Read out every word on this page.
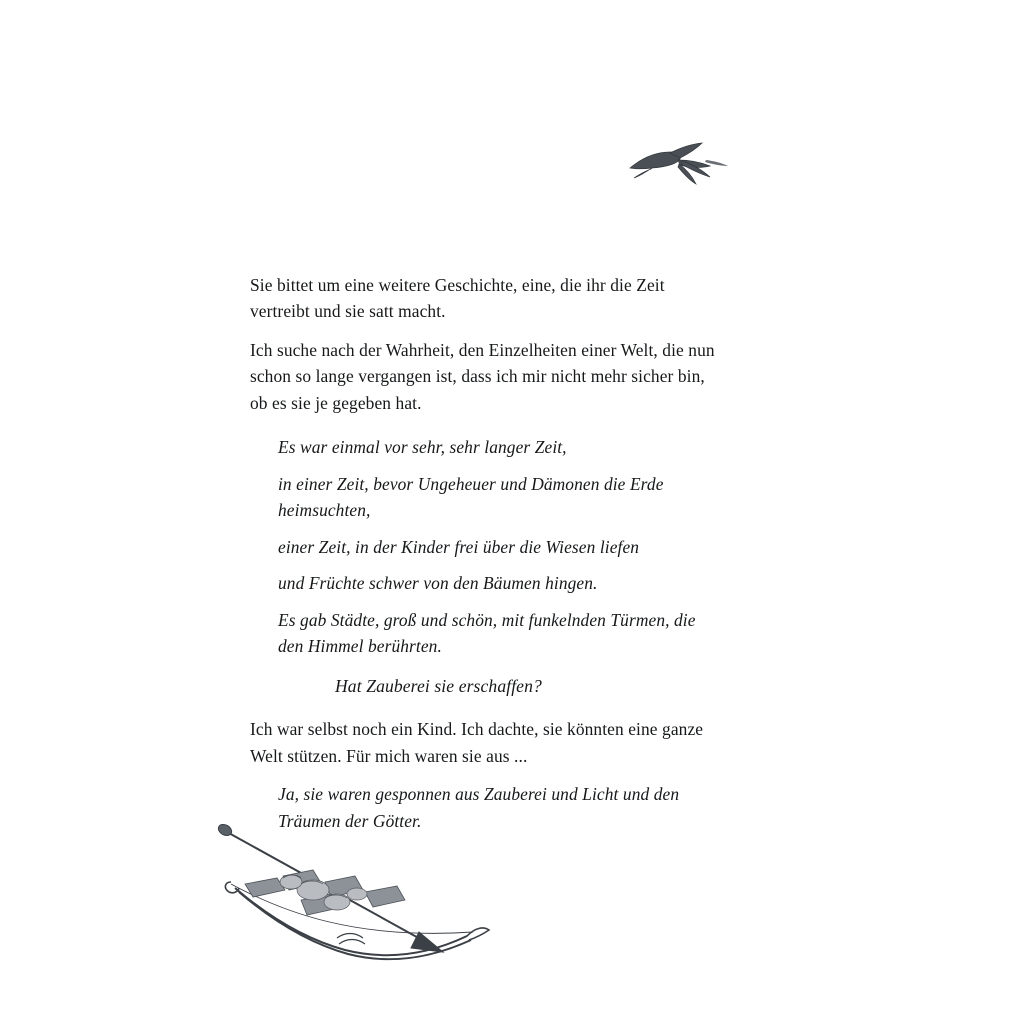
Sie bittet um eine weitere Geschichte, eine, die ihr die Zeit vertreibt und sie satt macht.

Ich suche nach der Wahrheit, den Einzelheiten einer Welt, die nun schon so lange vergangen ist, dass ich mir nicht mehr sicher bin, ob es sie je gegeben hat.

Es war einmal vor sehr, sehr langer Zeit,

in einer Zeit, bevor Ungeheuer und Dämonen die Erde heimsuchten,

einer Zeit, in der Kinder frei über die Wiesen liefen

und Früchte schwer von den Bäumen hingen.

Es gab Städte, groß und schön, mit funkelnden Türmen, die den Himmel berührten.

Hat Zauberei sie erschaffen?

Ich war selbst noch ein Kind. Ich dachte, sie könnten eine ganze Welt stützen. Für mich waren sie aus ...

Ja, sie waren gesponnen aus Zauberei und Licht und den Träumen der Götter.
